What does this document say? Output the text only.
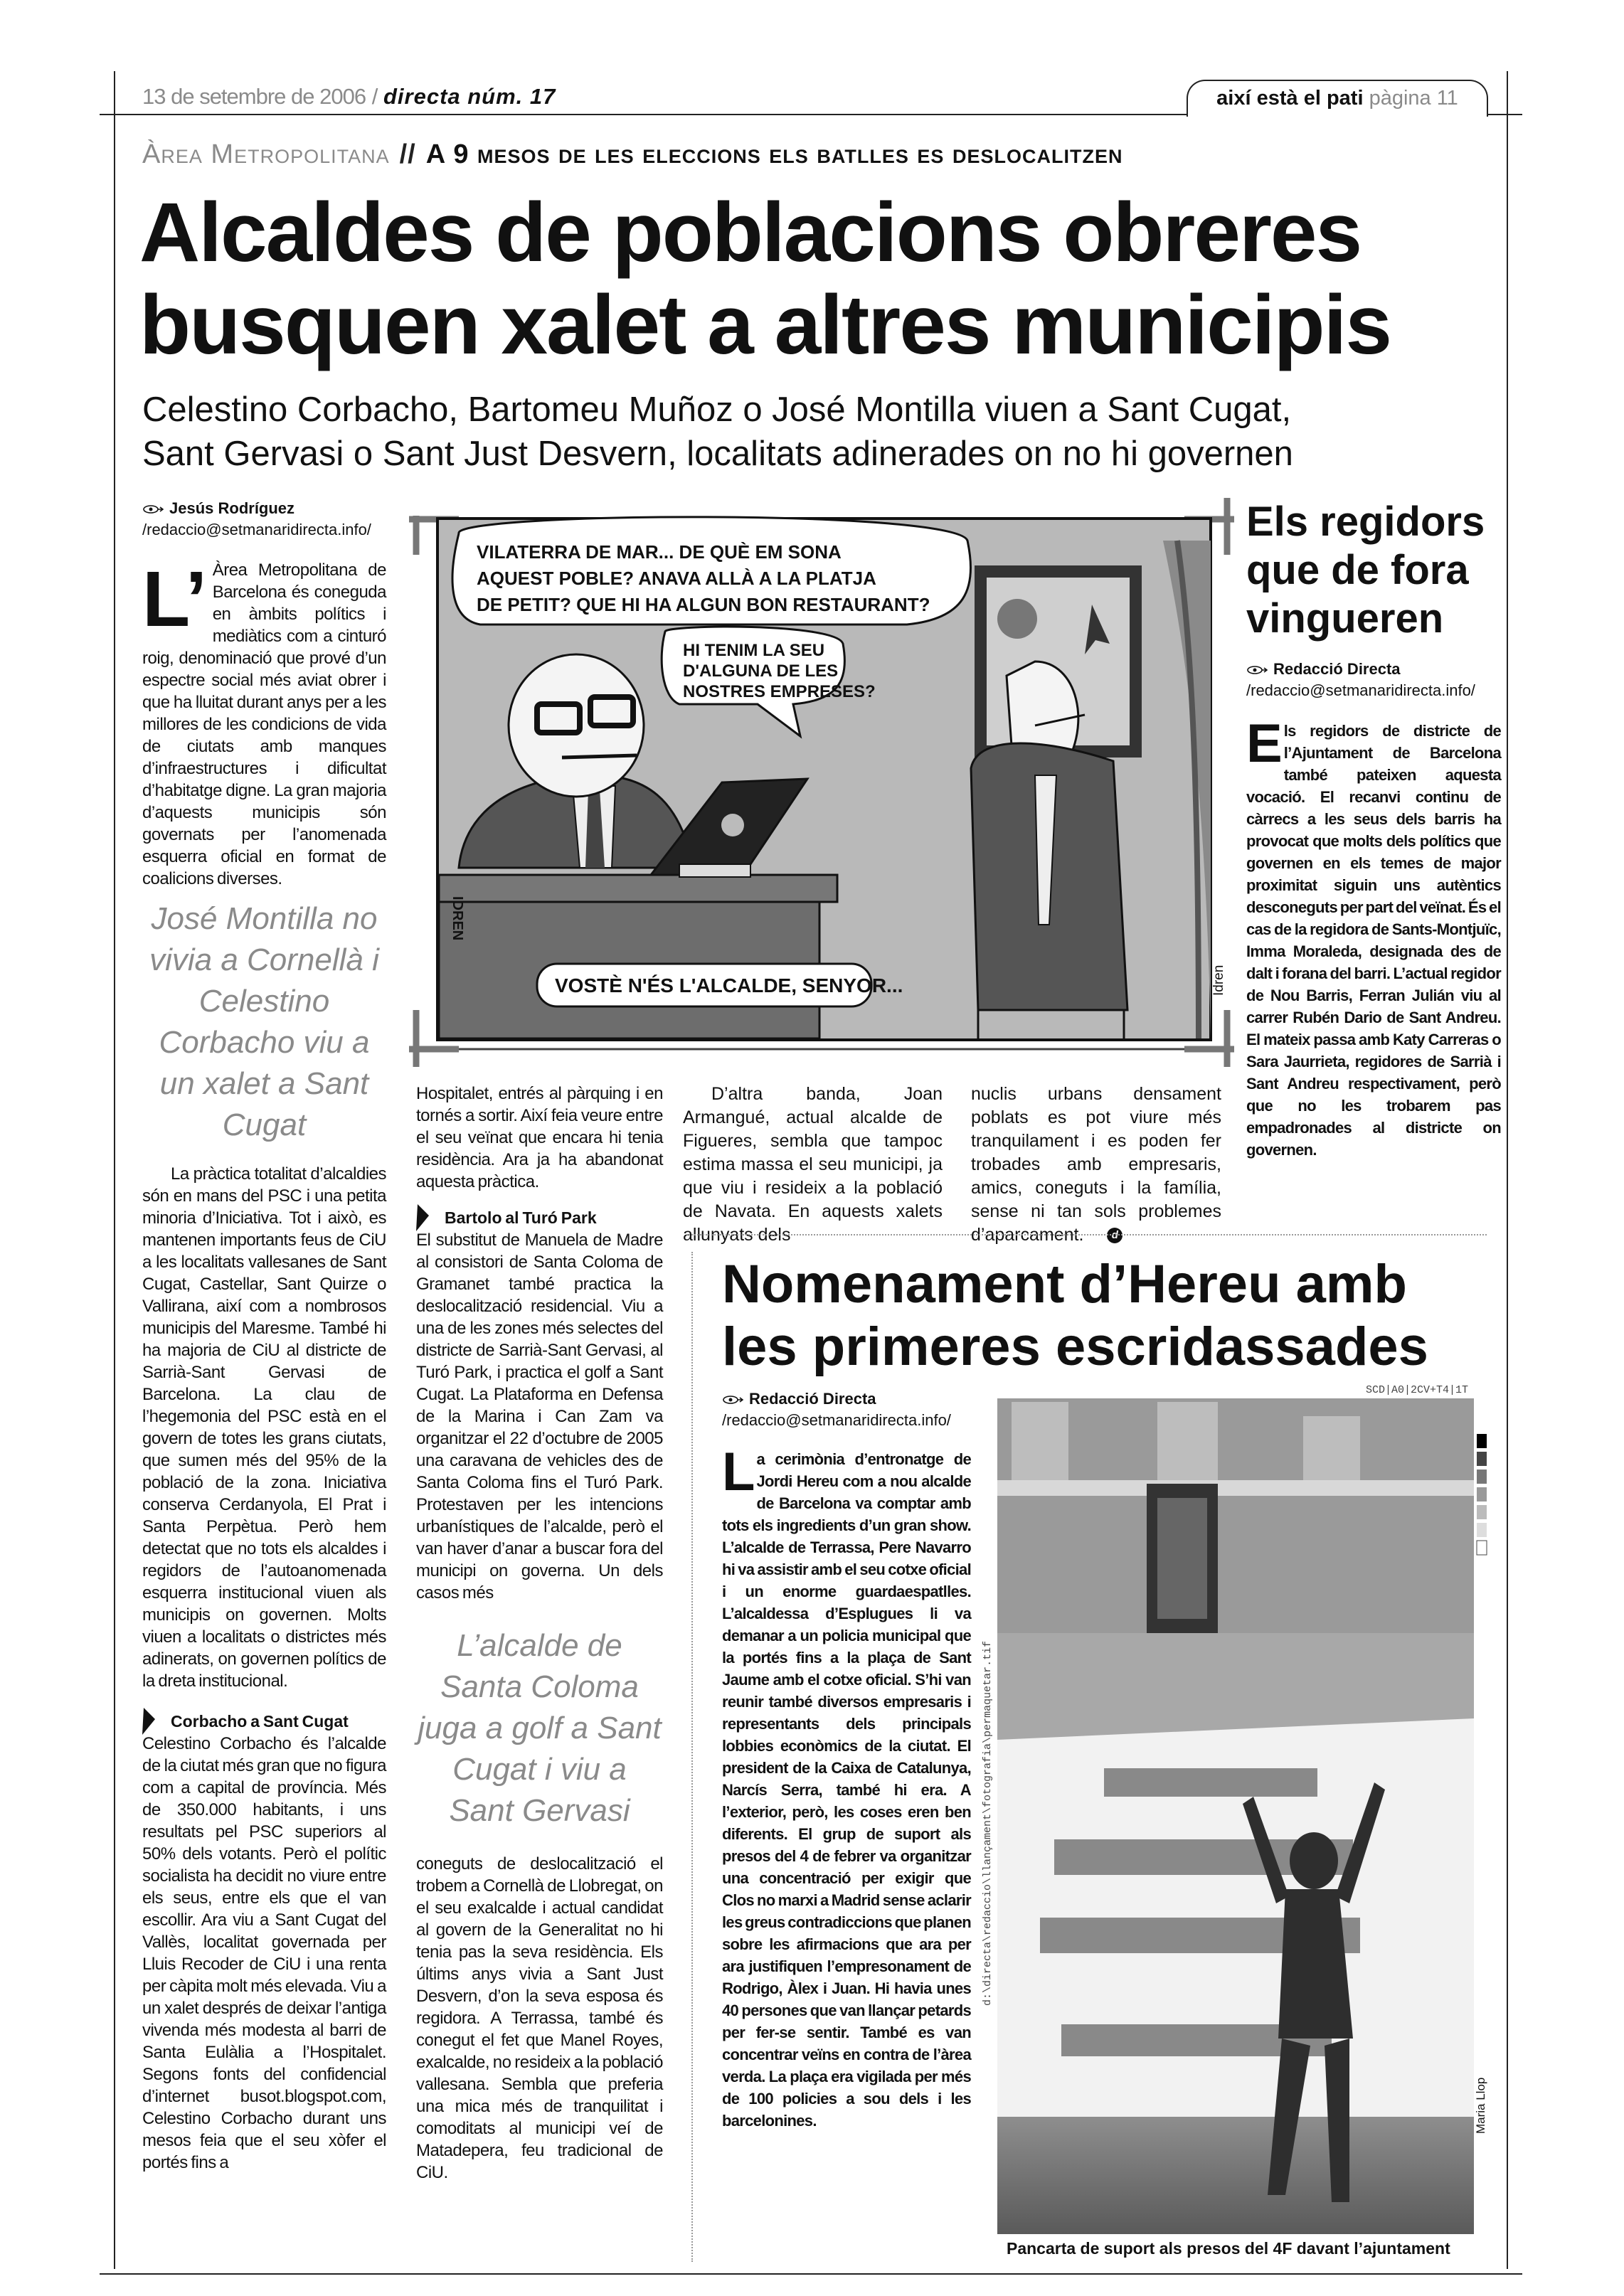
13 de setembre de 2006 / directa núm. 17	així està el pati pàgina 11
Àrea Metropolitana // A 9 mesos de les eleccions els batlles es deslocalitzen
Alcaldes de poblacions obreres
busquen xalet a altres municipis
Celestino Corbacho, Bartomeu Muñoz o José Montilla viuen a Sant Cugat,
Sant Gervasi o Sant Just Desvern, localitats adinerades on no hi governen
Jesús Rodríguez
/redaccio@setmanaridirecta.info/

L’ Àrea Metropolitana de Barcelona és coneguda en àmbits polítics i mediàtics com a cinturó roig, denominació que prové d’un espectre social més aviat obrer i que ha lluitat durant anys per a les millores de les condicions de vida de ciutats amb manques d’infraestructures i dificultat d’habitatge digne. La gran majoria d’aquests municipis són governats per l’anomenada esquerra oficial en format de coalicions diverses.

José Montilla no vivia a Cornellà i Celestino Corbacho viu a un xalet a Sant Cugat

La pràctica totalitat d’alcaldies són en mans del PSC i una petita minoria d’Iniciativa. Tot i això, es mantenen importants feus de CiU a les localitats vallesanes de Sant Cugat, Castellar, Sant Quirze o Vallirana, així com a nombrosos municipis del Maresme. També hi ha majoria de CiU al districte de Sarrià-Sant Gervasi de Barcelona. La clau de l’hegemonia del PSC està en el govern de totes les grans ciutats, que sumen més del 95% de la població de la zona. Iniciativa conserva Cerdanyola, El Prat i Santa Perpètua. Però hem detectat que no tots els alcaldes i regidors de l’autoanomenada esquerra institucional viuen als municipis on governen. Molts viuen a localitats o districtes més adinerats, on governen polítics de la dreta institucional.

Corbacho a Sant Cugat

Celestino Corbacho és l’alcalde de la ciutat més gran que no figura com a capital de província. Més de 350.000 habitants, i uns resultats pel PSC superiors al 50% dels votants. Però el polític socialista ha decidit no viure entre els seus, entre els que el van escollir. Ara viu a Sant Cugat del Vallès, localitat governada per Lluis Recoder de CiU i una renta per càpita molt més elevada. Viu a un xalet després de deixar l’antiga vivenda més modesta al barri de Santa Eulàlia a l’Hospitalet. Segons fonts del confidencial d’internet busot.blogspot.com, Celestino Corbacho durant uns mesos feia que el seu xòfer el portés fins a

VILATERRA DE MAR... DE QUÈ EM SONA
AQUEST POBLE? ANAVA ALLÀ A LA PLATJA
DE PETIT? QUE HI HA ALGUN BON RESTAURANT?
HI TENIM LA SEU
D'ALGUNA DE LES
NOSTRES EMPRESES?
VOSTÈ N'ÉS L'ALCALDE, SENYOR...
IDREN
Idren

Hospitalet, entrés al pàrquing i en tornés a sortir. Així feia veure entre el seu veïnat que encara hi tenia residència. Ara ja ha abandonat aquesta pràctica.

Bartolo al Turó Park

El substitut de Manuela de Madre al consistori de Santa Coloma de Gramanet també practica la deslocalització residencial. Viu a una de les zones més selectes del districte de Sarrià-Sant Gervasi, al Turó Park, i practica el golf a Sant Cugat. La Plataforma en Defensa de la Marina i Can Zam va organitzar el 22 d’octubre de 2005 una caravana de vehicles des de Santa Coloma fins el Turó Park. Protestaven per les intencions urbanístiques de l’alcalde, però el van haver d’anar a buscar fora del municipi on governa. Un dels casos més

L’alcalde de Santa Coloma juga a golf a Sant Cugat i viu a Sant Gervasi

coneguts de deslocalització el trobem a Cornellà de Llobregat, on el seu exalcalde i actual candidat al govern de la Generalitat no hi tenia pas la seva residència. Els últims anys vivia a Sant Just Desvern, d’on la seva esposa és regidora. A Terrassa, també és conegut el fet que Manel Royes, exalcalde, no resideix a la població vallesana. Sembla que preferia una mica més de tranquilitat i comoditats al municipi veí de Matadepera, feu tradicional de CiU.

D’altra banda, Joan Armangué, actual alcalde de Figueres, sembla que tampoc estima massa el seu municipi, ja que viu i resideix a la població de Navata. En aquests xalets allunyats dels

nuclis urbans densament poblats es pot viure més tranquilament i es poden fer trobades amb empresaris, amics, coneguts i la família, sense ni tan sols problemes d’aparcament.	d

Els regidors
que de fora
vingueren
Redacció Directa
/redaccio@setmanaridirecta.info/

Els regidors de districte de l’Ajuntament de Barcelona també pateixen aquesta vocació. El recanvi continu de càrrecs a les seus dels barris ha provocat que molts dels polítics que governen en els temes de major proximitat siguin uns autèntics desconeguts per part del veïnat. És el cas de la regidora de Sants-Montjuïc, Imma Moraleda, designada des de dalt i forana del barri. L’actual regidor de Nou Barris, Ferran Julián viu al carrer Rubén Dario de Sant Andreu. El mateix passa amb Katy Carreras o Sara Jaurrieta, regidores de Sarrià i Sant Andreu respectivament, però que no les trobarem pas empadronades al districte on governen.

Nomenament d’Hereu amb
les primeres escridassades
Redacció Directa
/redaccio@setmanaridirecta.info/

La cerimònia d’entronatge de Jordi Hereu com a nou alcalde de Barcelona va comptar amb tots els ingredients d’un gran show. L’alcalde de Terrassa, Pere Navarro hi va assistir amb el seu cotxe oficial i un enorme guardaespatlles. L’alcaldessa d’Esplugues li va demanar a un policia municipal que la portés fins a la plaça de Sant Jaume amb el cotxe oficial. S’hi van reunir també diversos empresaris i representants dels principals lobbies econòmics de la ciutat. El president de la Caixa de Catalunya, Narcís Serra, també hi era. A l’exterior, però, les coses eren ben diferents. El grup de suport als presos del 4 de febrer va organitzar una concentració per exigir que Clos no marxi a Madrid sense aclarir les greus contradiccions que planen sobre les afirmacions que ara per ara justifiquen l’empresonament de Rodrigo, Àlex i Juan. Hi havia unes 40 persones que van llançar petards per fer-se sentir. També es van concentrar veïns en contra de l’àrea verda. La plaça era vigilada per més de 100 policies a sou dels i les barcelonines.

SCD|A0|2CV+T4|1T
d:\directa\redaccio\llançament\fotografia\permaquetar.tif
Maria Llop
Pancarta de suport als presos del 4F davant l’ajuntament
